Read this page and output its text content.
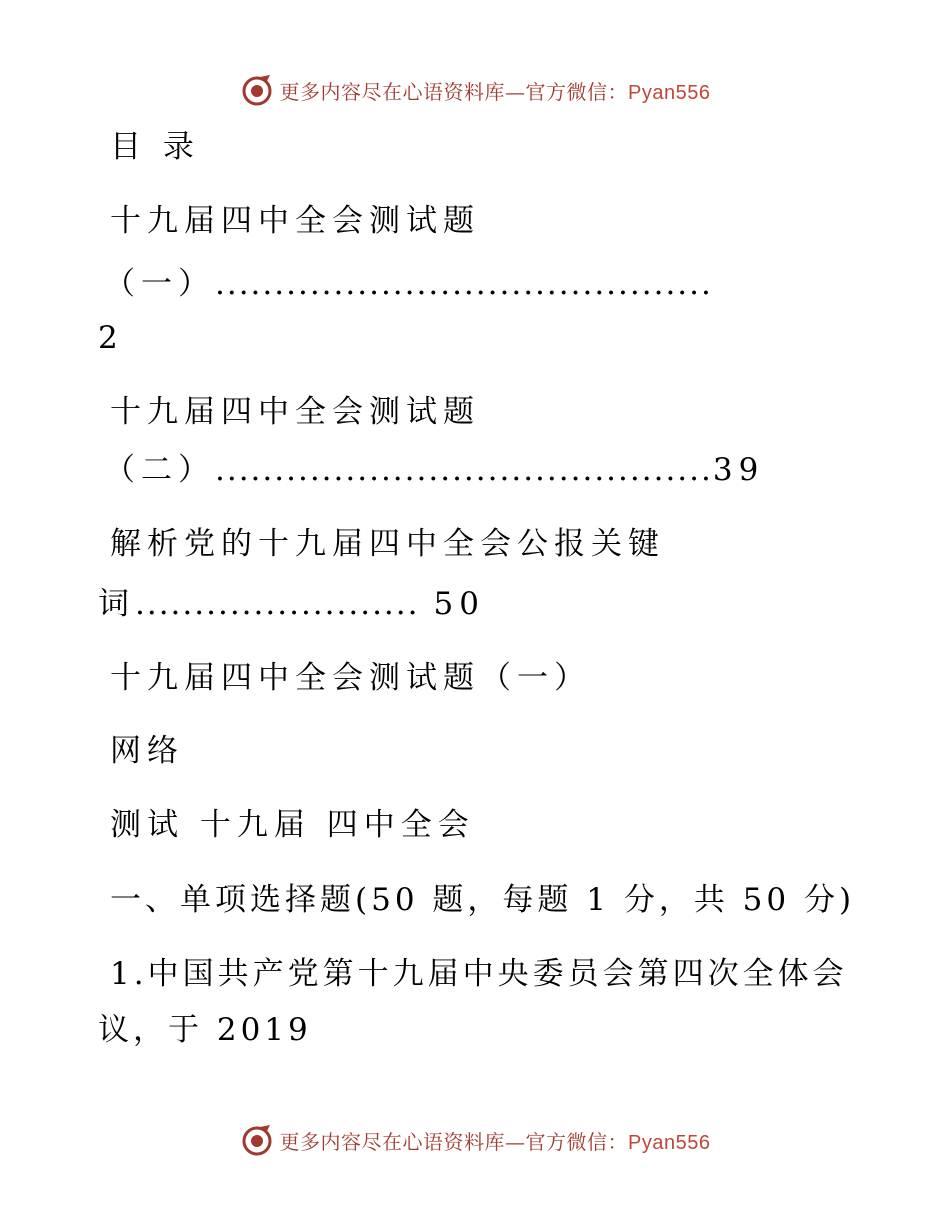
更多内容尽在心语资料库—官方微信：Pyan556
目 录
十九届四中全会测试题
（一）..........................................
2
十九届四中全会测试题
（二）..........................................39
解析党的十九届四中全会公报关键
词........................ 50
十九届四中全会测试题（一）
网络
测试 十九届 四中全会
一、单项选择题(50 题，每题 1 分，共 50 分)
1.中国共产党第十九届中央委员会第四次全体会
议，于 2019
更多内容尽在心语资料库—官方微信：Pyan556
